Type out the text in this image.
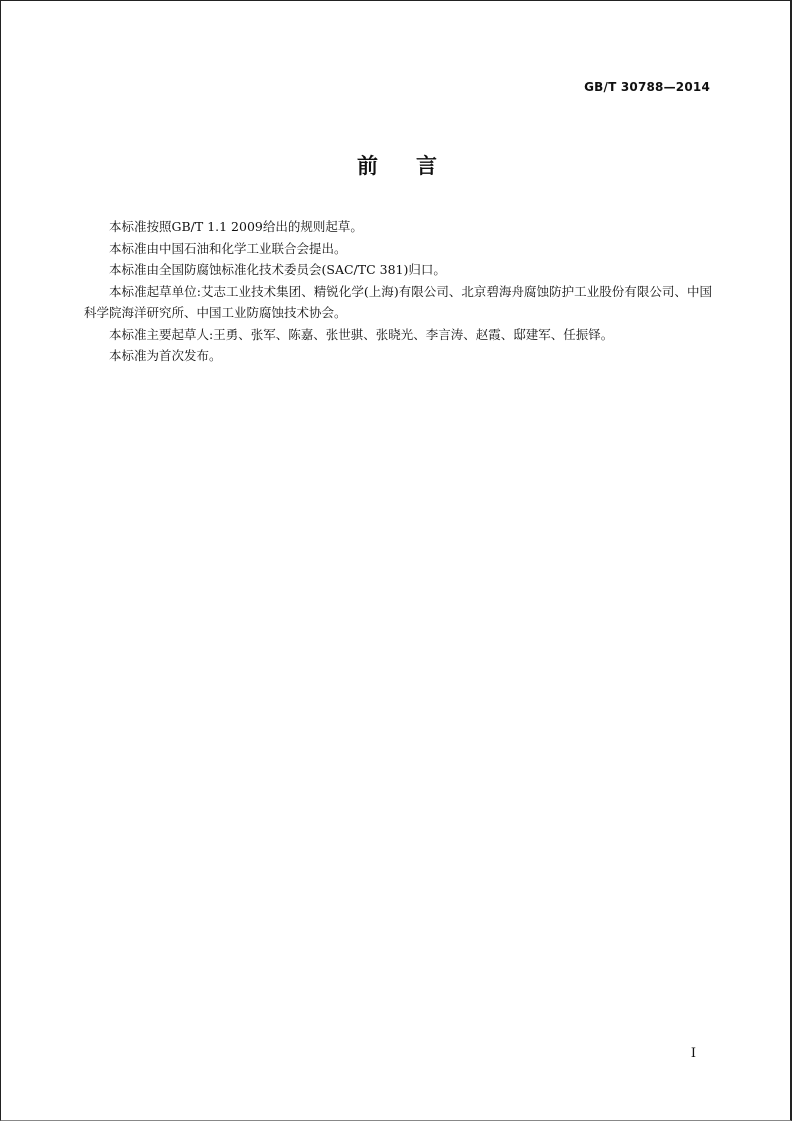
GB/T 30788—2014
前言

本标准按照GB/T 1.1 2009给出的规则起草。

本标准由中国石油和化学工业联合会提出。

本标准由全国防腐蚀标准化技术委员会(SAC/TC 381)归口。

本标准起草单位:艾志工业技术集团、精锐化学(上海)有限公司、北京碧海舟腐蚀防护工业股份有限公司、中国科学院海洋研究所、中国工业防腐蚀技术协会。

本标准主要起草人:王勇、张军、陈嘉、张世骐、张晓光、李言涛、赵霞、邸建军、任振铎。

本标准为首次发布。

I
